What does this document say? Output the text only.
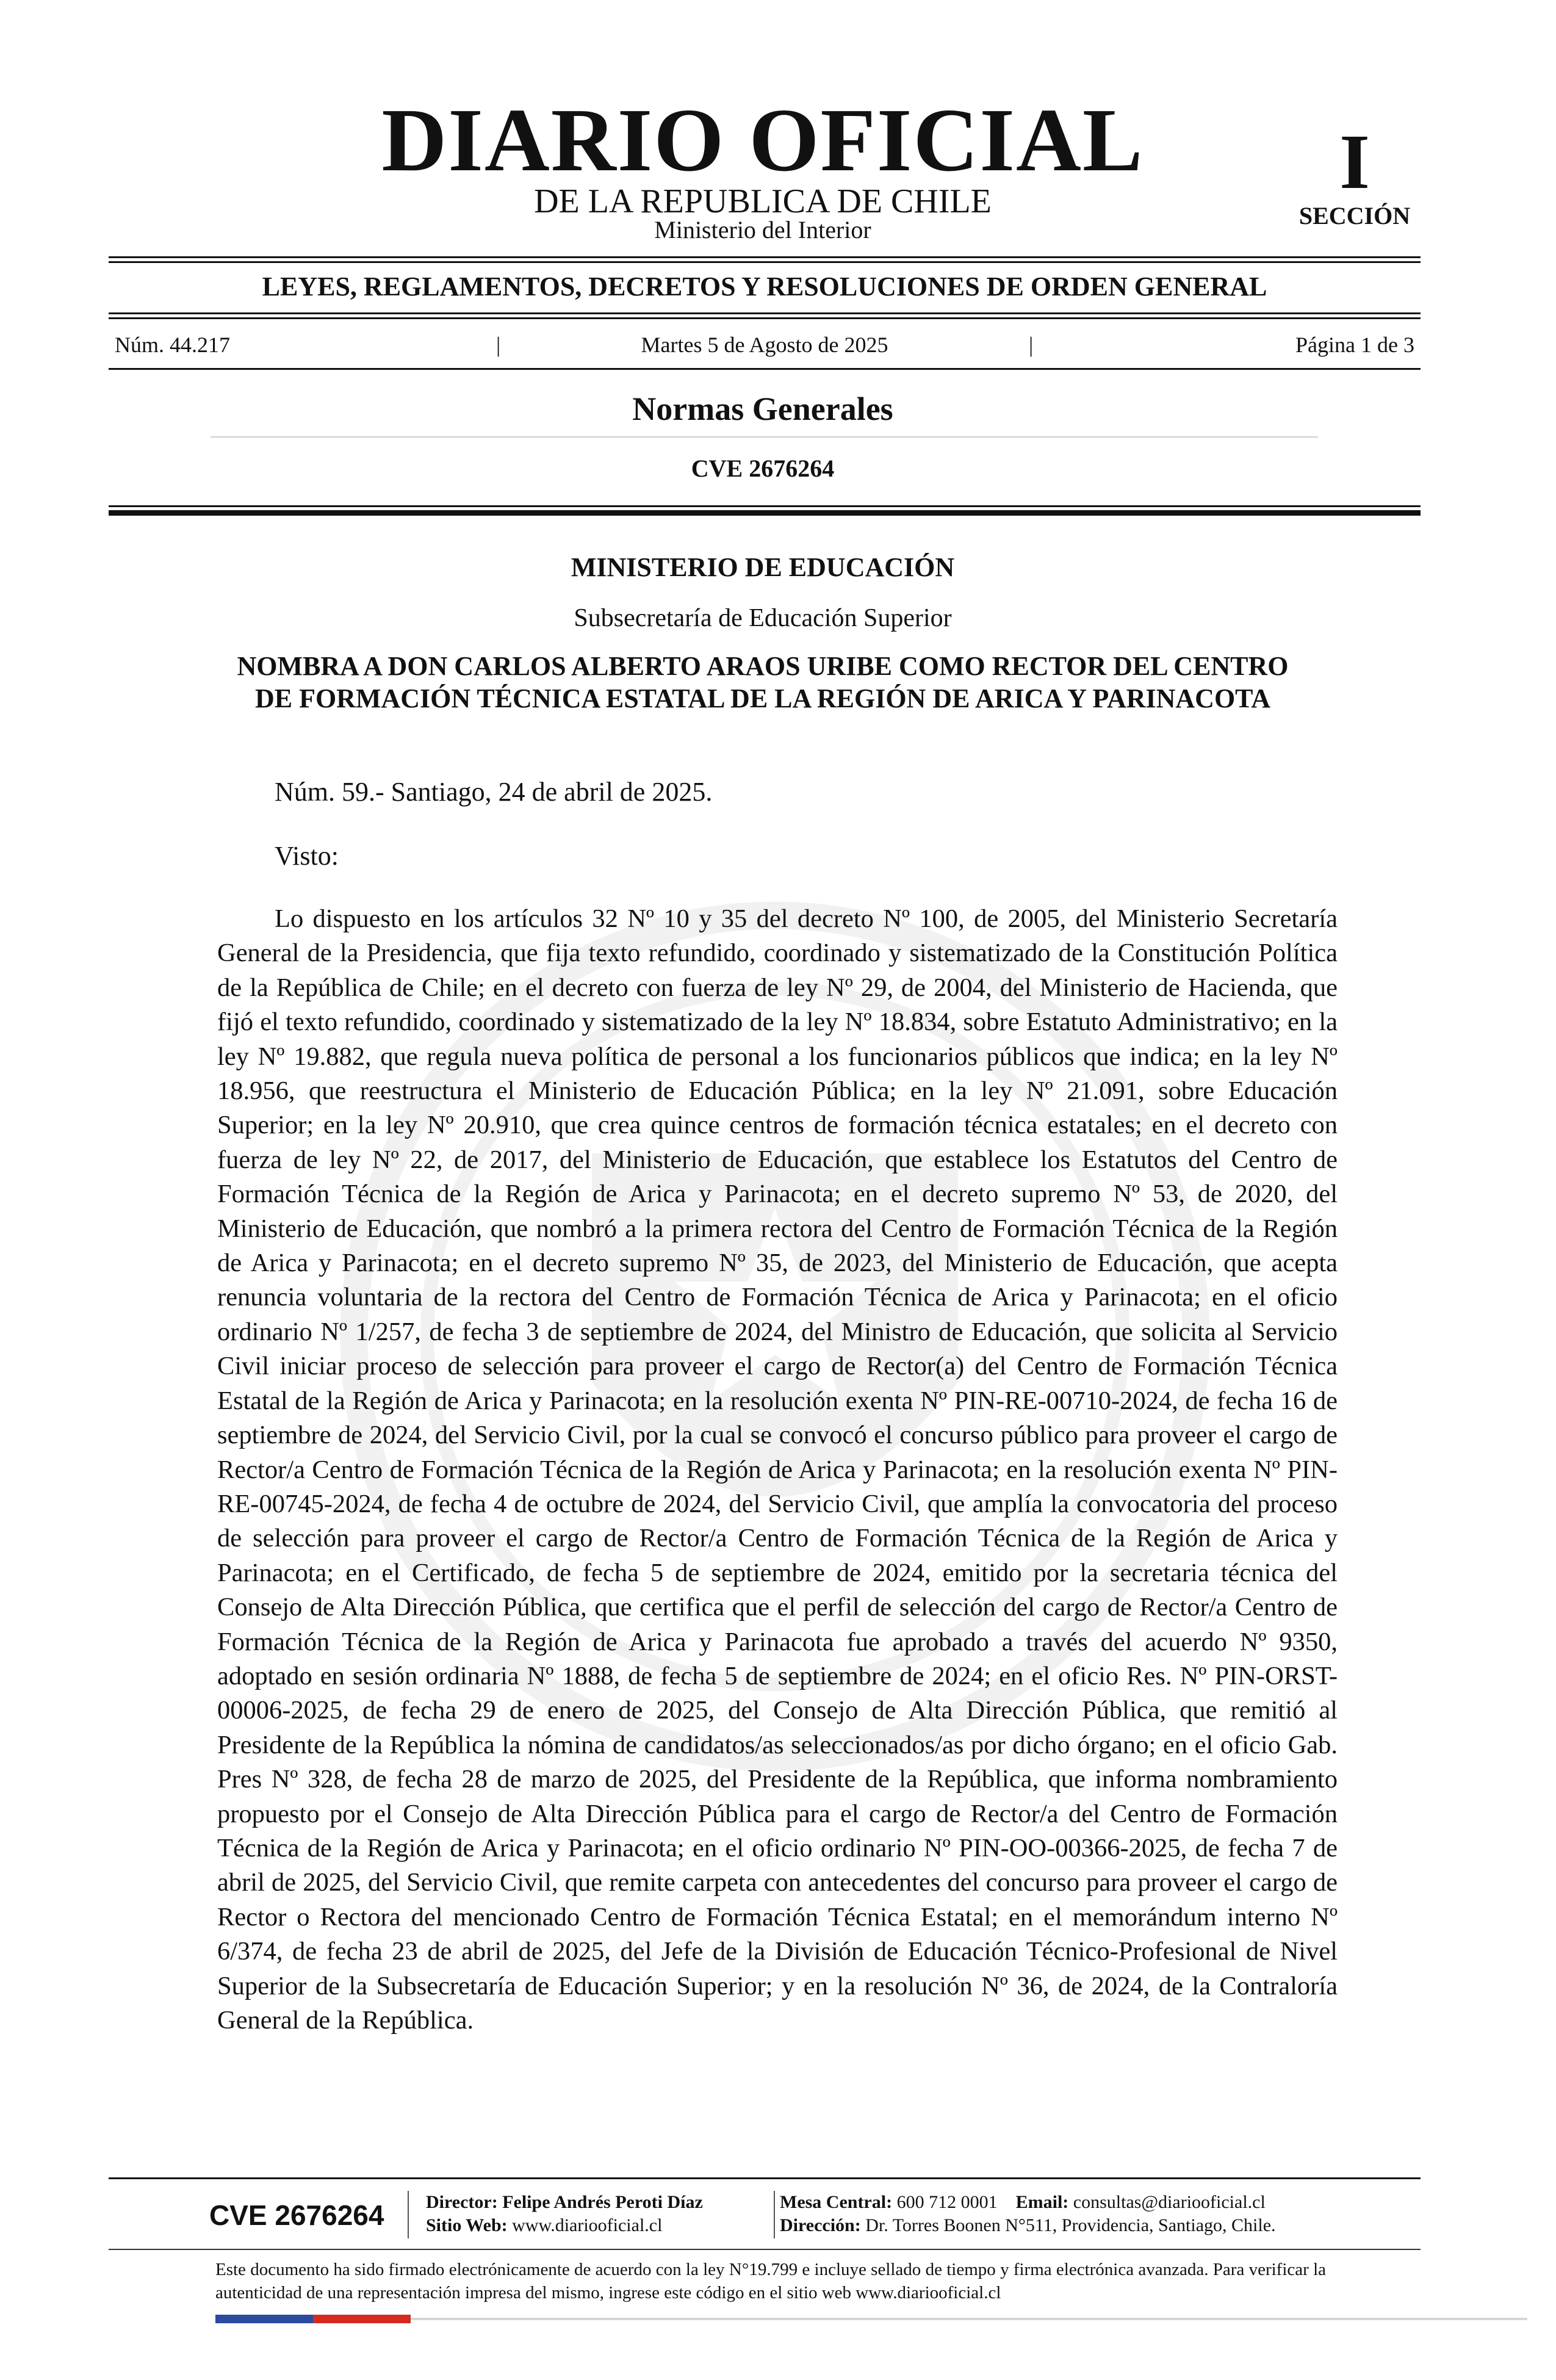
DIARIO OFICIAL
DE LA REPUBLICA DE CHILE
Ministerio del Interior
I
SECCIÓN
LEYES, REGLAMENTOS, DECRETOS Y RESOLUCIONES DE ORDEN GENERAL
Núm. 44.217	|	Martes 5 de Agosto de 2025	|	Página 1 de 3
Normas Generales
CVE 2676264
MINISTERIO DE EDUCACIÓN
Subsecretaría de Educación Superior
NOMBRA A DON CARLOS ALBERTO ARAOS URIBE COMO RECTOR DEL CENTRO DE FORMACIÓN TÉCNICA ESTATAL DE LA REGIÓN DE ARICA Y PARINACOTA
Núm. 59.- Santiago, 24 de abril de 2025.
Visto:

Lo dispuesto en los artículos 32 Nº 10 y 35 del decreto Nº 100, de 2005, del Ministerio Secretaría General de la Presidencia, que fija texto refundido, coordinado y sistematizado de la Constitución Política de la República de Chile; en el decreto con fuerza de ley Nº 29, de 2004, del Ministerio de Hacienda, que fijó el texto refundido, coordinado y sistematizado de la ley Nº 18.834, sobre Estatuto Administrativo; en la ley Nº 19.882, que regula nueva política de personal a los funcionarios públicos que indica; en la ley Nº 18.956, que reestructura el Ministerio de Educación Pública; en la ley Nº 21.091, sobre Educación Superior; en la ley Nº 20.910, que crea quince centros de formación técnica estatales; en el decreto con fuerza de ley Nº 22, de 2017, del Ministerio de Educación, que establece los Estatutos del Centro de Formación Técnica de la Región de Arica y Parinacota; en el decreto supremo Nº 53, de 2020, del Ministerio de Educación, que nombró a la primera rectora del Centro de Formación Técnica de la Región de Arica y Parinacota; en el decreto supremo Nº 35, de 2023, del Ministerio de Educación, que acepta renuncia voluntaria de la rectora del Centro de Formación Técnica de Arica y Parinacota; en el oficio ordinario Nº 1/257, de fecha 3 de septiembre de 2024, del Ministro de Educación, que solicita al Servicio Civil iniciar proceso de selección para proveer el cargo de Rector(a) del Centro de Formación Técnica Estatal de la Región de Arica y Parinacota; en la resolución exenta Nº PIN-RE-00710-2024, de fecha 16 de septiembre de 2024, del Servicio Civil, por la cual se convocó el concurso público para proveer el cargo de Rector/a Centro de Formación Técnica de la Región de Arica y Parinacota; en la resolución exenta Nº PIN-RE-00745-2024, de fecha 4 de octubre de 2024, del Servicio Civil, que amplía la convocatoria del proceso de selección para proveer el cargo de Rector/a Centro de Formación Técnica de la Región de Arica y Parinacota; en el Certificado, de fecha 5 de septiembre de 2024, emitido por la secretaria técnica del Consejo de Alta Dirección Pública, que certifica que el perfil de selección del cargo de Rector/a Centro de Formación Técnica de la Región de Arica y Parinacota fue aprobado a través del acuerdo Nº 9350, adoptado en sesión ordinaria Nº 1888, de fecha 5 de septiembre de 2024; en el oficio Res. Nº PIN-ORST-00006-2025, de fecha 29 de enero de 2025, del Consejo de Alta Dirección Pública, que remitió al Presidente de la República la nómina de candidatos/as seleccionados/as por dicho órgano; en el oficio Gab. Pres Nº 328, de fecha 28 de marzo de 2025, del Presidente de la República, que informa nombramiento propuesto por el Consejo de Alta Dirección Pública para el cargo de Rector/a del Centro de Formación Técnica de la Región de Arica y Parinacota; en el oficio ordinario Nº PIN-OO-00366-2025, de fecha 7 de abril de 2025, del Servicio Civil, que remite carpeta con antecedentes del concurso para proveer el cargo de Rector o Rectora del mencionado Centro de Formación Técnica Estatal; en el memorándum interno Nº 6/374, de fecha 23 de abril de 2025, del Jefe de la División de Educación Técnico-Profesional de Nivel Superior de la Subsecretaría de Educación Superior; y en la resolución Nº 36, de 2024, de la Contraloría General de la República.

CVE 2676264 Director: Felipe Andrés Peroti Díaz
Sitio Web: www.diariooficial.cl
Mesa Central: 600 712 0001 Email: consultas@diariooficial.cl
Dirección: Dr. Torres Boonen N°511, Providencia, Santiago, Chile.
Este documento ha sido firmado electrónicamente de acuerdo con la ley N°19.799 e incluye sellado de tiempo y firma electrónica avanzada. Para verificar la autenticidad de una representación impresa del mismo, ingrese este código en el sitio web www.diariooficial.cl
